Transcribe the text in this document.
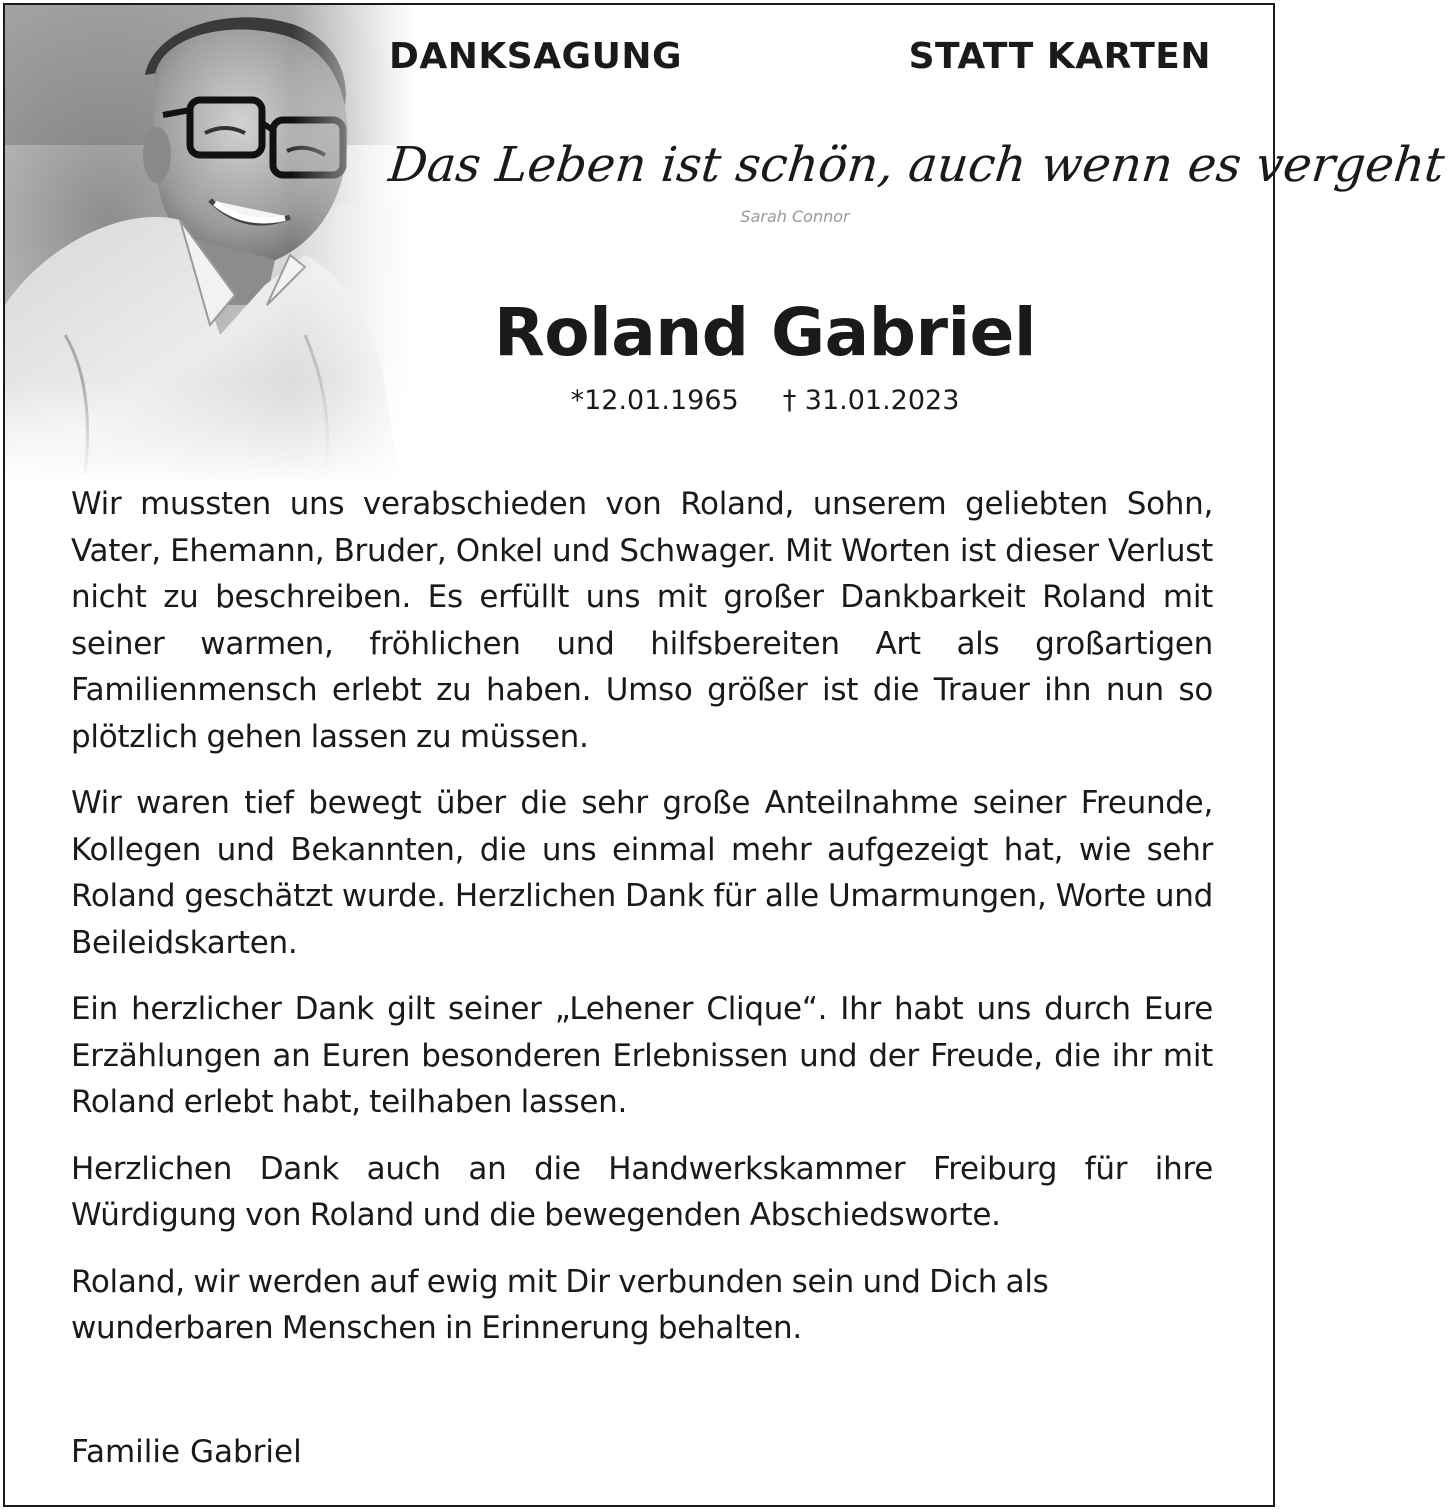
DANKSAGUNG	STATT KARTEN
Das Leben ist schön, auch wenn es vergeht
Sarah Connor
Roland Gabriel
*12.01.1965 † 31.01.2023

Wir mussten uns verabschieden von Roland, unserem geliebten Sohn, Vater, Ehemann, Bruder, Onkel und Schwager. Mit Worten ist dieser Verlust nicht zu beschreiben. Es erfüllt uns mit großer Dankbarkeit Roland mit seiner warmen, fröhlichen und hilfsbereiten Art als großartigen Familienmensch erlebt zu haben. Umso größer ist die Trauer ihn nun so plötzlich gehen lassen zu müssen.

Wir waren tief bewegt über die sehr große Anteilnahme seiner Freunde, Kollegen und Bekannten, die uns einmal mehr aufgezeigt hat, wie sehr Roland geschätzt wurde. Herzlichen Dank für alle Umarmungen, Worte und Beileidskarten.

Ein herzlicher Dank gilt seiner „Lehener Clique“. Ihr habt uns durch Eure Erzählungen an Euren besonderen Erlebnissen und der Freude, die ihr mit Roland erlebt habt, teilhaben lassen.

Herzlichen Dank auch an die Handwerkskammer Freiburg für ihre Würdigung von Roland und die bewegenden Abschiedsworte.

Roland, wir werden auf ewig mit Dir verbunden sein und Dich als wunderbaren Menschen in Erinnerung behalten.

Familie Gabriel
